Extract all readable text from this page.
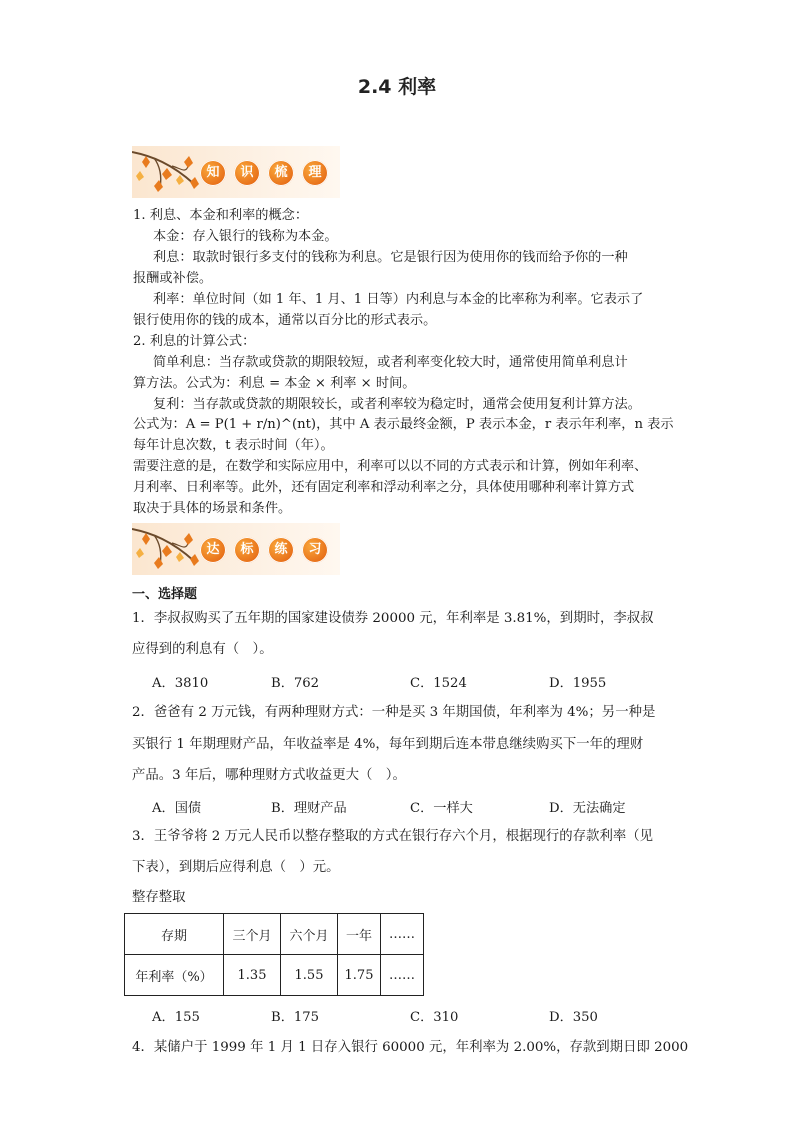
2.4 利率
知	识	梳	理
1. 利息、本金和利率的概念：
本金：存入银行的钱称为本金。
利息：取款时银行多支付的钱称为利息。它是银行因为使用你的钱而给予你的一种
报酬或补偿。
利率：单位时间（如 1 年、1 月、1 日等）内利息与本金的比率称为利率。它表示了
银行使用你的钱的成本，通常以百分比的形式表示。
2. 利息的计算公式：
简单利息：当存款或贷款的期限较短，或者利率变化较大时，通常使用简单利息计
算方法。公式为：利息 = 本金 × 利率 × 时间。
复利：当存款或贷款的期限较长，或者利率较为稳定时，通常会使用复利计算方法。
公式为：A = P(1 + r/n)^(nt)，其中 A 表示最终金额，P 表示本金，r 表示年利率，n 表示
每年计息次数，t 表示时间（年）。
需要注意的是，在数学和实际应用中，利率可以以不同的方式表示和计算，例如年利率、
月利率、日利率等。此外，还有固定利率和浮动利率之分，具体使用哪种利率计算方式
取决于具体的场景和条件。
达	标	练	习
一、选择题
1．李叔叔购买了五年期的国家建设债券 20000 元，年利率是 3.81%，到期时，李叔叔
应得到的利息有（　）。
A．3810	B．762	C．1524	D．1955
2．爸爸有 2 万元钱，有两种理财方式：一种是买 3 年期国债，年利率为 4%；另一种是
买银行 1 年期理财产品，年收益率是 4%，每年到期后连本带息继续购买下一年的理财
产品。3 年后，哪种理财方式收益更大（　）。
A．国债	B．理财产品	C．一样大	D．无法确定
3．王爷爷将 2 万元人民币以整存整取的方式在银行存六个月，根据现行的存款利率（见
下表），到期后应得利息（　）元。
整存整取
存期	三个月	六个月	一年	……
年利率（%）	1.35	1.55	1.75	……
A．155	B．175	C．310	D．350
4．某储户于 1999 年 1 月 1 日存入银行 60000 元，年利率为 2.00%，存款到期日即 2000
